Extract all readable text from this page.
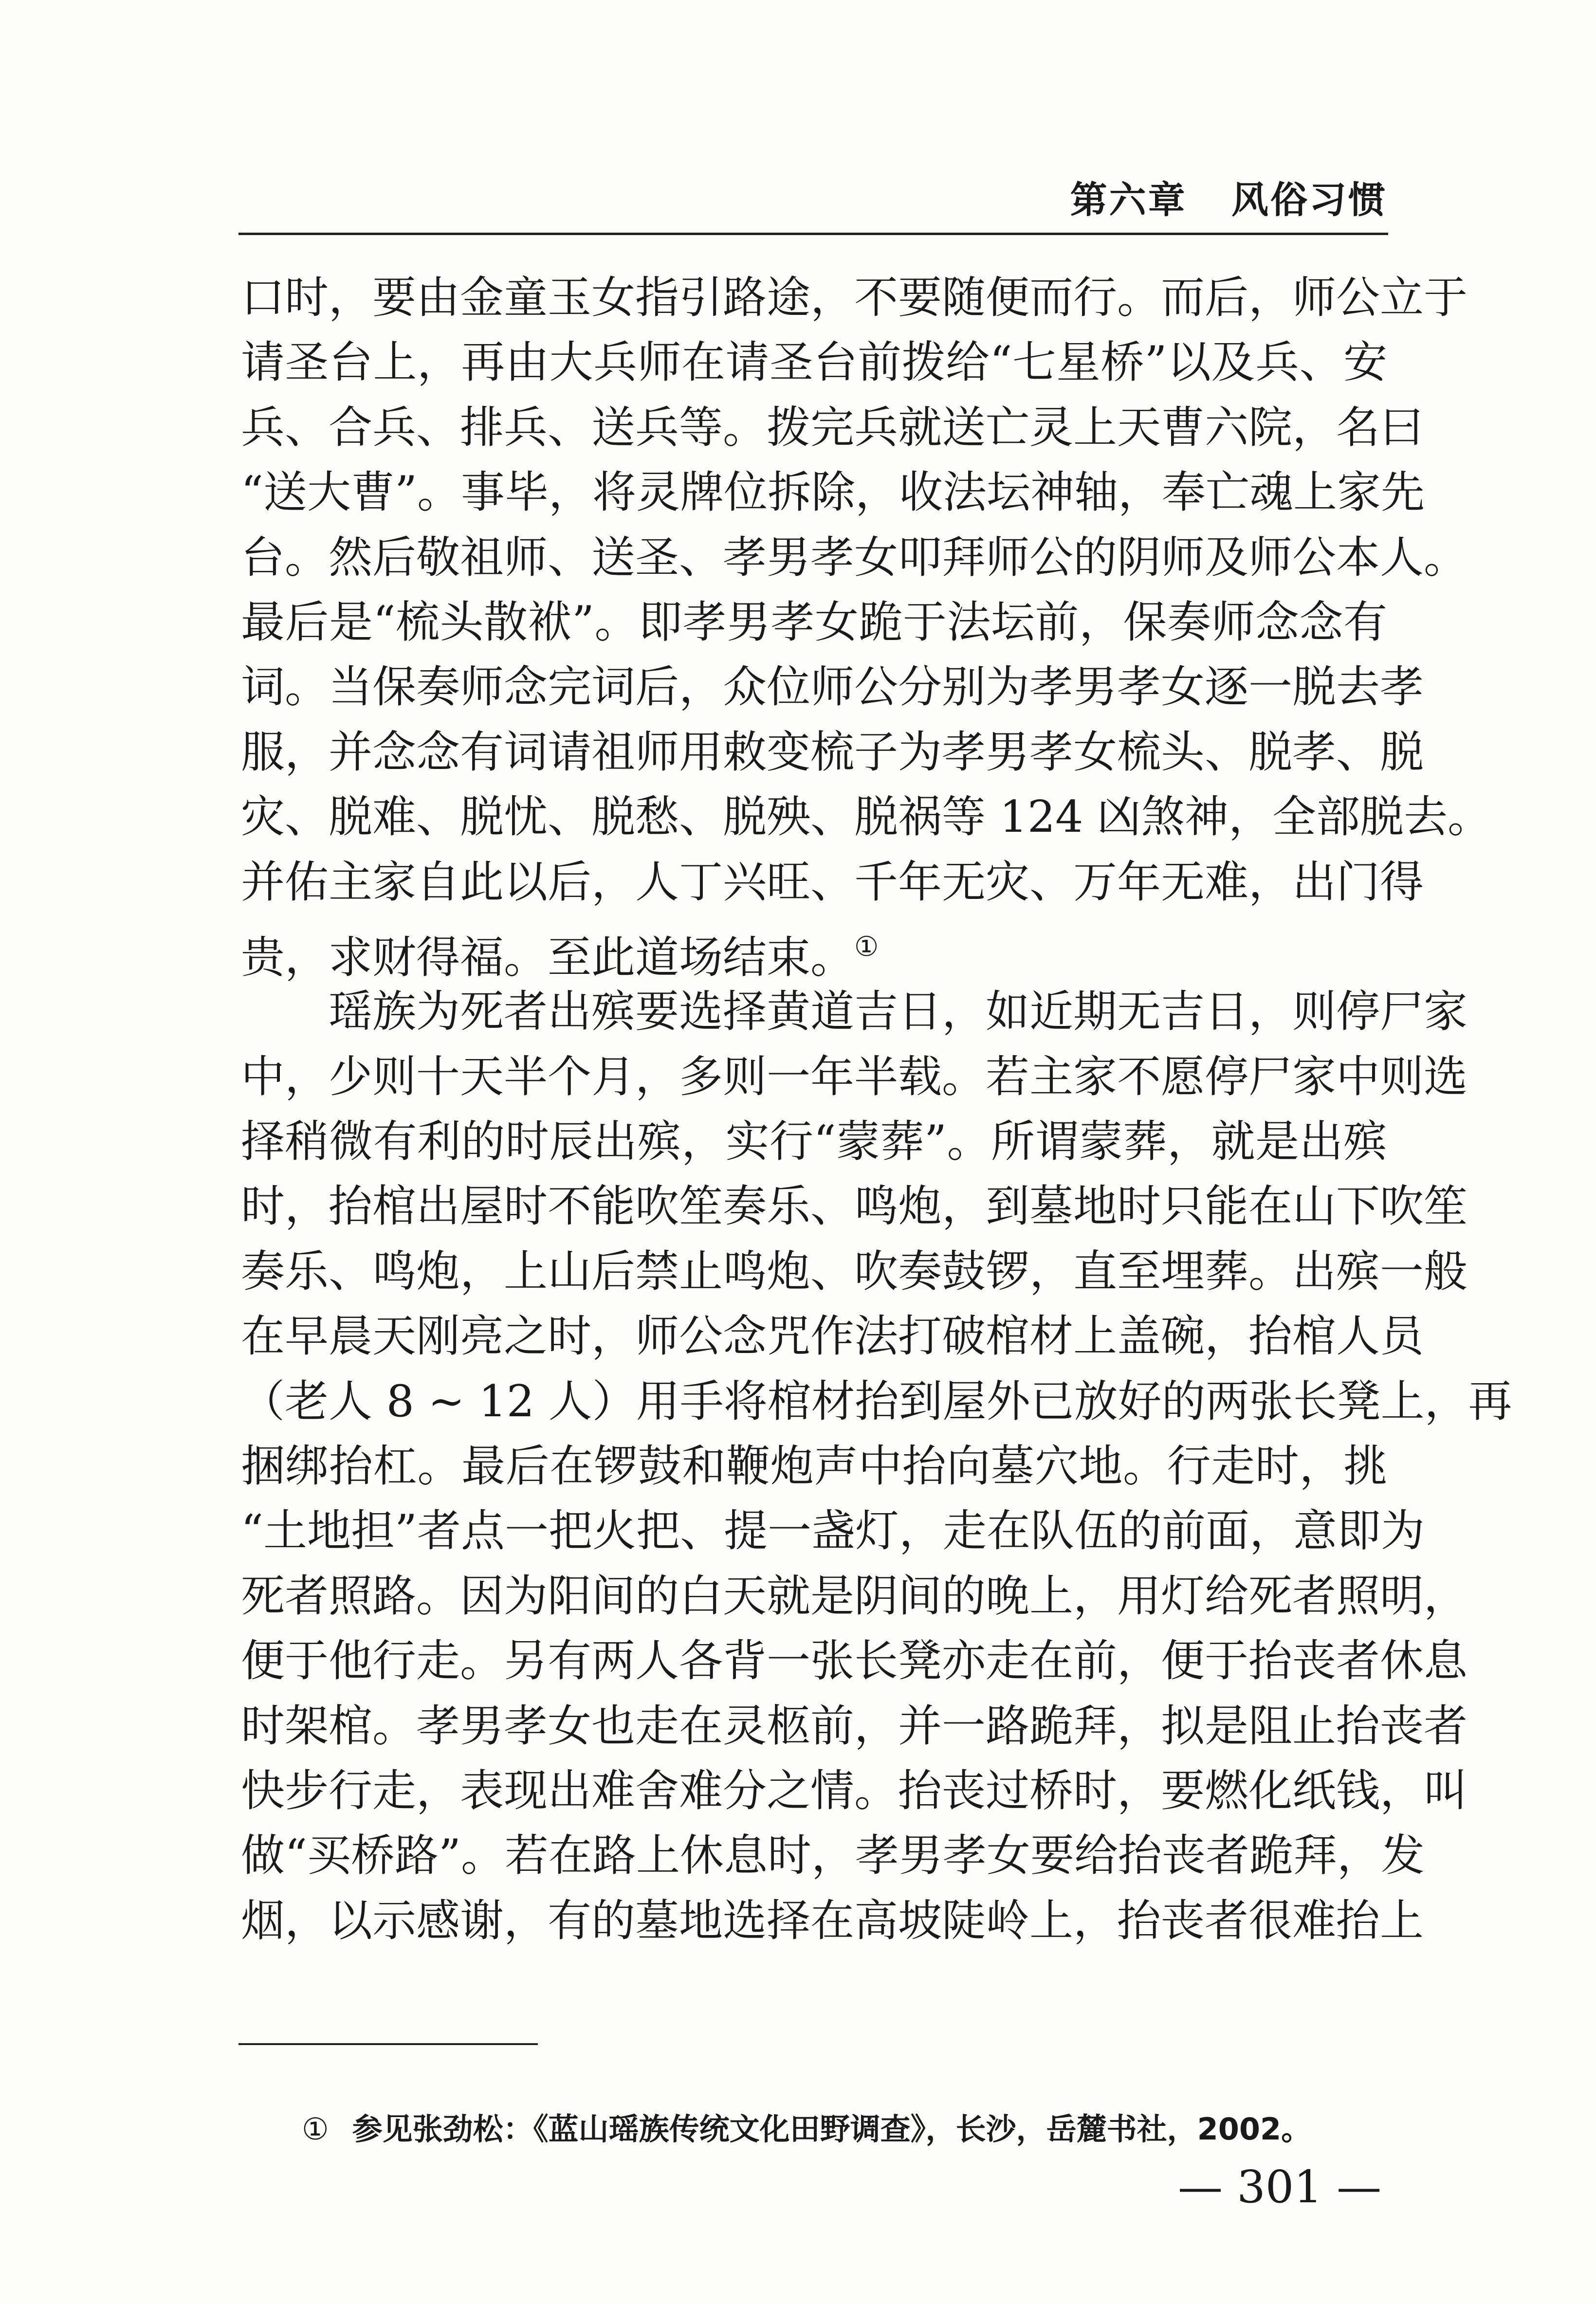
第六章   风俗习惯
口时，要由金童玉女指引路途，不要随便而行。而后，师公立于
请圣台上，再由大兵师在请圣台前拨给“七星桥”以及兵、安
兵、合兵、排兵、送兵等。拨完兵就送亡灵上天曹六院，名曰
“送大曹”。事毕，将灵牌位拆除，收法坛神轴，奉亡魂上家先
台。然后敬祖师、送圣、孝男孝女叩拜师公的阴师及师公本人。
最后是“梳头散袱”。即孝男孝女跪于法坛前，保奏师念念有
词。当保奏师念完词后，众位师公分别为孝男孝女逐一脱去孝
服，并念念有词请祖师用敕变梳子为孝男孝女梳头、脱孝、脱
灾、脱难、脱忧、脱愁、脱殃、脱祸等 124 凶煞神，全部脱去。
并佑主家自此以后，人丁兴旺、千年无灾、万年无难，出门得
贵，求财得福。至此道场结束。①
瑶族为死者出殡要选择黄道吉日，如近期无吉日，则停尸家
中，少则十天半个月，多则一年半载。若主家不愿停尸家中则选
择稍微有利的时辰出殡，实行“蒙葬”。所谓蒙葬，就是出殡
时，抬棺出屋时不能吹笙奏乐、鸣炮，到墓地时只能在山下吹笙
奏乐、鸣炮，上山后禁止鸣炮、吹奏鼓锣，直至埋葬。出殡一般
在早晨天刚亮之时，师公念咒作法打破棺材上盖碗，抬棺人员
（老人 8 ~ 12 人）用手将棺材抬到屋外已放好的两张长凳上，再
捆绑抬杠。最后在锣鼓和鞭炮声中抬向墓穴地。行走时，挑
“土地担”者点一把火把、提一盏灯，走在队伍的前面，意即为
死者照路。因为阳间的白天就是阴间的晚上，用灯给死者照明，
便于他行走。另有两人各背一张长凳亦走在前，便于抬丧者休息
时架棺。孝男孝女也走在灵柩前，并一路跪拜，拟是阻止抬丧者
快步行走，表现出难舍难分之情。抬丧过桥时，要燃化纸钱，叫
做“买桥路”。若在路上休息时，孝男孝女要给抬丧者跪拜，发
烟，以示感谢，有的墓地选择在高坡陡岭上，抬丧者很难抬上
① 参见张劲松：《蓝山瑶族传统文化田野调查》，长沙，岳麓书社，2002。
— 301 —
